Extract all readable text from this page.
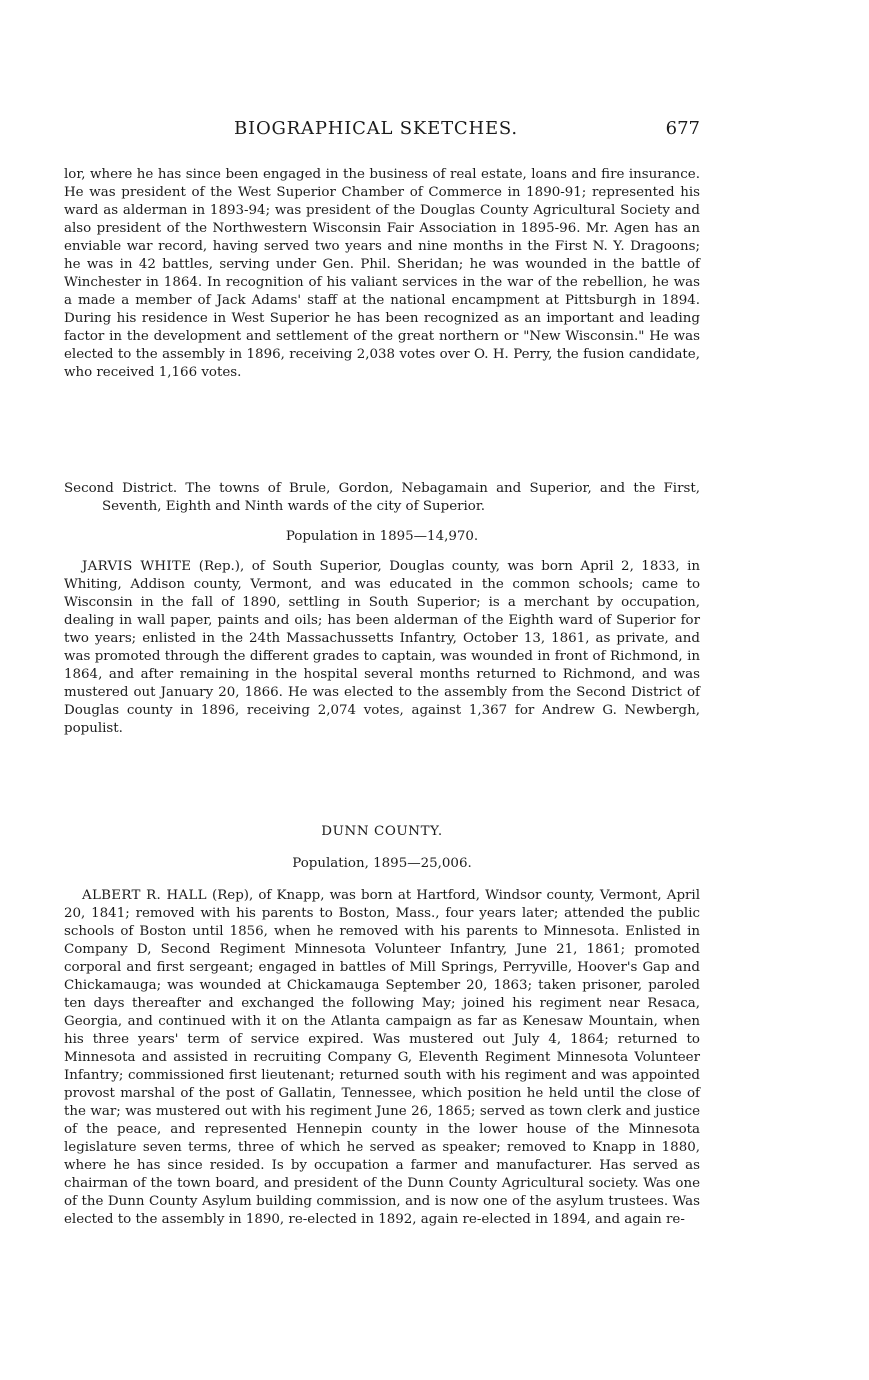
BIOGRAPHICAL SKETCHES.	677

lor, where he has since been engaged in the business of real estate, loans and fire insurance. He was president of the West Superior Chamber of Commerce in 1890-91; represented his ward as alderman in 1893-94; was president of the Douglas County Agricultural Society and also president of the Northwestern Wisconsin Fair Association in 1895-96. Mr. Agen has an enviable war record, having served two years and nine months in the First N. Y. Dragoons; he was in 42 battles, serving under Gen. Phil. Sheridan; he was wounded in the battle of Winchester in 1864. In recognition of his valiant services in the war of the rebellion, he was a made a member of Jack Adams' staff at the national encampment at Pittsburgh in 1894. During his residence in West Superior he has been recognized as an important and leading factor in the development and settlement of the great northern or "New Wisconsin." He was elected to the assembly in 1896, receiving 2,038 votes over O. H. Perry, the fusion candidate, who received 1,166 votes.

Second District. The towns of Brule, Gordon, Nebagamain and Superior, and the First, Seventh, Eighth and Ninth wards of the city of Superior.

Population in 1895—14,970.

JARVIS WHITE (Rep.), of South Superior, Douglas county, was born April 2, 1833, in Whiting, Addison county, Vermont, and was educated in the common schools; came to Wisconsin in the fall of 1890, settling in South Superior; is a merchant by occupation, dealing in wall paper, paints and oils; has been alderman of the Eighth ward of Superior for two years; enlisted in the 24th Massachussetts Infantry, October 13, 1861, as private, and was promoted through the different grades to captain, was wounded in front of Richmond, in 1864, and after remaining in the hospital several months returned to Richmond, and was mustered out January 20, 1866. He was elected to the assembly from the Second District of Douglas county in 1896, receiving 2,074 votes, against 1,367 for Andrew G. Newbergh, populist.

DUNN COUNTY.

Population, 1895—25,006.

ALBERT R. HALL (Rep), of Knapp, was born at Hartford, Windsor county, Vermont, April 20, 1841; removed with his parents to Boston, Mass., four years later; attended the public schools of Boston until 1856, when he removed with his parents to Minnesota. Enlisted in Company D, Second Regiment Minnesota Volunteer Infantry, June 21, 1861; promoted corporal and first sergeant; engaged in battles of Mill Springs, Perryville, Hoover's Gap and Chickamauga; was wounded at Chickamauga September 20, 1863; taken prisoner, paroled ten days thereafter and exchanged the following May; joined his regiment near Resaca, Georgia, and continued with it on the Atlanta campaign as far as Kenesaw Mountain, when his three years' term of service expired. Was mustered out July 4, 1864; returned to Minnesota and assisted in recruiting Company G, Eleventh Regiment Minnesota Volunteer Infantry; commissioned first lieutenant; returned south with his regiment and was appointed provost marshal of the post of Gallatin, Tennessee, which position he held until the close of the war; was mustered out with his regiment June 26, 1865; served as town clerk and justice of the peace, and represented Hennepin county in the lower house of the Minnesota legislature seven terms, three of which he served as speaker; removed to Knapp in 1880, where he has since resided. Is by occupation a farmer and manufacturer. Has served as chairman of the town board, and president of the Dunn County Agricultural society. Was one of the Dunn County Asylum building commission, and is now one of the asylum trustees. Was elected to the assembly in 1890, re-elected in 1892, again re-elected in 1894, and again re-
